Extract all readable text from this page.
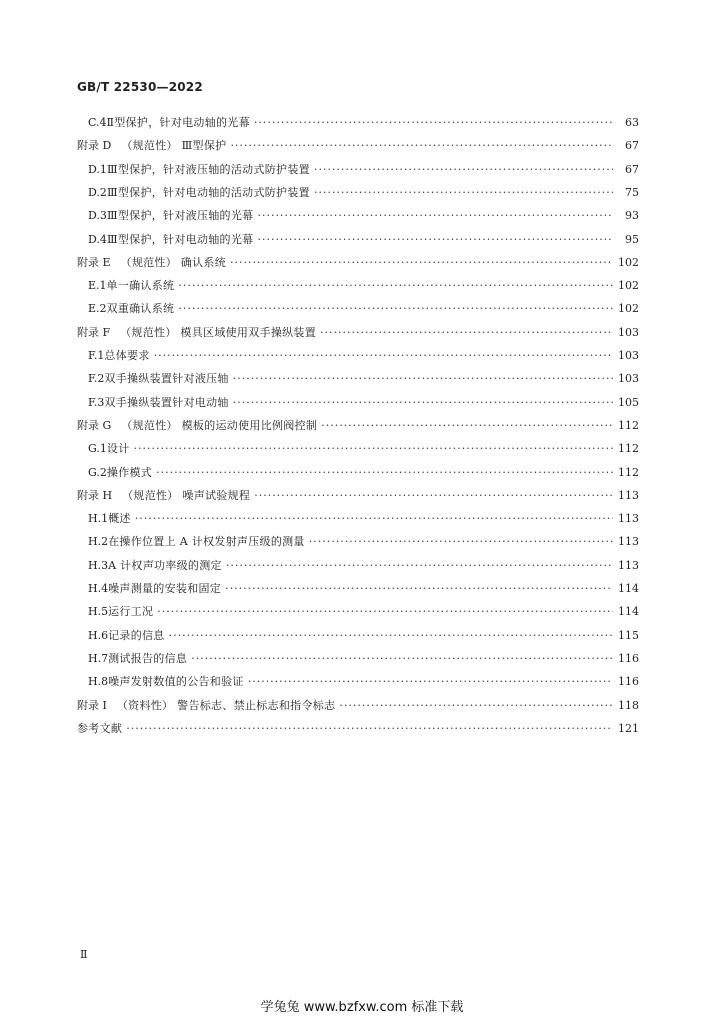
GB/T 22530—2022
C.4 Ⅱ型保护，针对电动轴的光幕 ·····	63
附录 D （规范性） Ⅲ型保护 ·····	67
D.1 Ⅲ型保护，针对液压轴的活动式防护装置 ·····	67
D.2 Ⅲ型保护，针对电动轴的活动式防护装置 ·····	75
D.3 Ⅲ型保护，针对液压轴的光幕 ·····	93
D.4 Ⅲ型保护，针对电动轴的光幕 ·····	95
附录 E （规范性） 确认系统 ·····	102
E.1 单一确认系统 ·····	102
E.2 双重确认系统 ·····	102
附录 F （规范性） 模具区域使用双手操纵装置 ·····	103
F.1 总体要求 ·····	103
F.2 双手操纵装置针对液压轴 ·····	103
F.3 双手操纵装置针对电动轴 ·····	105
附录 G （规范性） 模板的运动使用比例阀控制 ·····	112
G.1 设计 ·····	112
G.2 操作模式 ·····	112
附录 H （规范性） 噪声试验规程 ·····	113
H.1 概述 ·····	113
H.2 在操作位置上 A 计权发射声压级的测量 ·····	113
H.3 A 计权声功率级的测定 ·····	113
H.4 噪声测量的安装和固定 ·····	114
H.5 运行工况 ·····	114
H.6 记录的信息 ·····	115
H.7 测试报告的信息 ·····	116
H.8 噪声发射数值的公告和验证 ·····	116
附录 I （资料性） 警告标志、禁止标志和指令标志 ·····	118
参考文献 ·····	121
Ⅱ
学兔兔 www.bzfxw.com 标准下载
